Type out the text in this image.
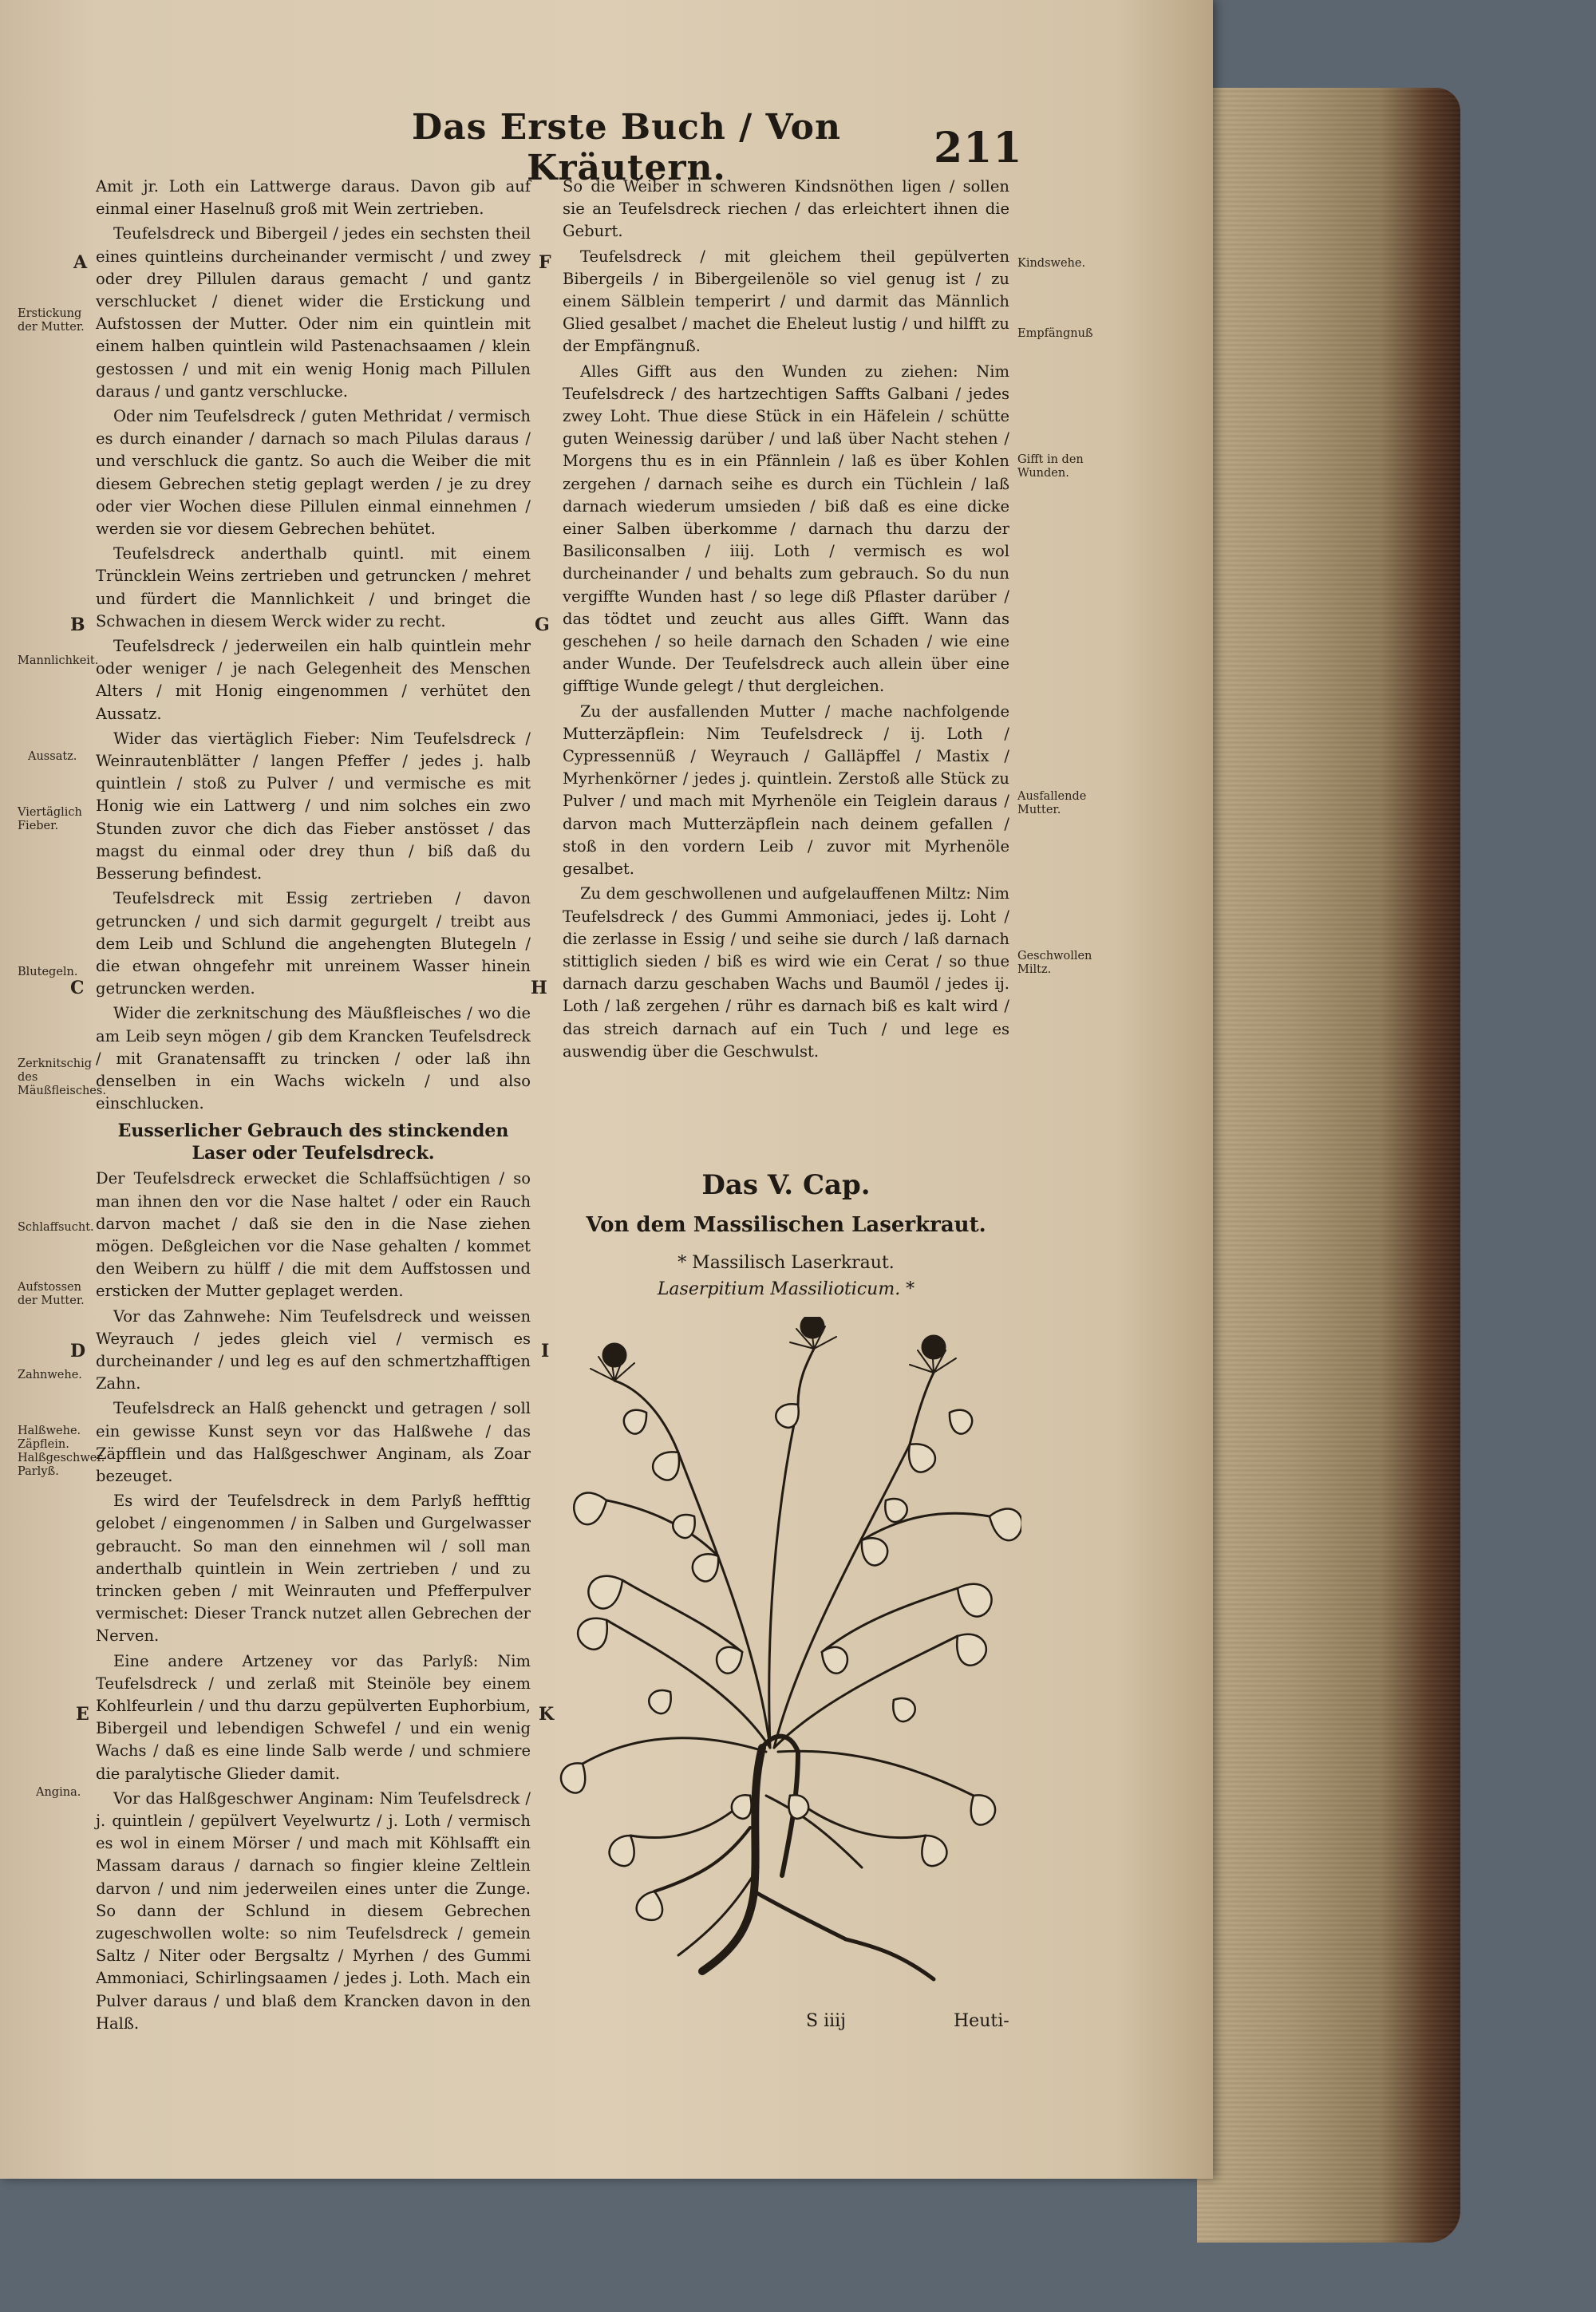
Das Erste Buch / Von Kräutern.	211

Amit jr. Loth ein Lattwerge daraus. Davon gib auf einmal einer Haselnuß groß mit Wein zertrieben.

Teufelsdreck und Bibergeil / jedes ein sechsten theil eines quintleins durcheinander vermischt / und zwey oder drey Pillulen daraus gemacht / und gantz verschlucket / dienet wider die Erstickung und Aufstossen der Mutter. Oder nim ein quintlein mit einem halben quintlein wild Pastenachsaamen / klein gestossen / und mit ein wenig Honig mach Pillulen daraus / und gantz verschlucke.

Oder nim Teufelsdreck / guten Methridat / vermisch es durch einander / darnach so mach Pilulas daraus / und verschluck die gantz. So auch die Weiber die mit diesem Gebrechen stetig geplagt werden / je zu drey oder vier Wochen diese Pillulen einmal einnehmen / werden sie vor diesem Gebrechen behütet.

Teufelsdreck anderthalb quintl. mit einem Trüncklein Weins zertrieben und getruncken / mehret und fürdert die Mannlichkeit / und bringet die Schwachen in diesem Werck wider zu recht.

Teufelsdreck / jederweilen ein halb quintlein mehr oder weniger / je nach Gelegenheit des Menschen Alters / mit Honig eingenommen / verhütet den Aussatz.

Wider das viertäglich Fieber: Nim Teufelsdreck / Weinrautenblätter / langen Pfeffer / jedes j. halb quintlein / stoß zu Pulver / und vermische es mit Honig wie ein Lattwerg / und nim solches ein zwo Stunden zuvor che dich das Fieber anstösset / das magst du einmal oder drey thun / biß daß du Besserung befindest.

Teufelsdreck mit Essig zertrieben / davon getruncken / und sich darmit gegurgelt / treibt aus dem Leib und Schlund die angehengten Blutegeln / die etwan ohngefehr mit unreinem Wasser hinein getruncken werden.

Wider die zerknitschung des Mäußfleisches / wo die am Leib seyn mögen / gib dem Krancken Teufelsdreck / mit Granatensafft zu trincken / oder laß ihn denselben in ein Wachs wickeln / und also einschlucken.

Eusserlicher Gebrauch des stinckenden Laser oder Teufelsdreck.

Der Teufelsdreck erwecket die Schlaffsüchtigen / so man ihnen den vor die Nase haltet / oder ein Rauch darvon machet / daß sie den in die Nase ziehen mögen. Deßgleichen vor die Nase gehalten / kommet den Weibern zu hülff / die mit dem Auffstossen und ersticken der Mutter geplaget werden.

Vor das Zahnwehe: Nim Teufelsdreck und weissen Weyrauch / jedes gleich viel / vermisch es durcheinander / und leg es auf den schmertzhafftigen Zahn.

Teufelsdreck an Halß gehenckt und getragen / soll ein gewisse Kunst seyn vor das Halßwehe / das Zäpfflein und das Halßgeschwer Anginam, als Zoar bezeuget.

Es wird der Teufelsdreck in dem Parlyß heffttig gelobet / eingenommen / in Salben und Gurgelwasser gebraucht. So man den einnehmen wil / soll man anderthalb quintlein in Wein zertrieben / und zu trincken geben / mit Weinrauten und Pfefferpulver vermischet: Dieser Tranck nutzet allen Gebrechen der Nerven.

Eine andere Artzeney vor das Parlyß: Nim Teufelsdreck / und zerlaß mit Steinöle bey einem Kohlfeurlein / und thu darzu gepülverten Euphorbium, Bibergeil und lebendigen Schwefel / und ein wenig Wachs / daß es eine linde Salb werde / und schmiere die paralytische Glieder damit.

Vor das Halßgeschwer Anginam: Nim Teufelsdreck / j. quintlein / gepülvert Veyelwurtz / j. Loth / vermisch es wol in einem Mörser / und mach mit Köhlsafft ein Massam daraus / darnach so fingier kleine Zeltlein darvon / und nim jederweilen eines unter die Zunge. So dann der Schlund in diesem Gebrechen zugeschwollen wolte: so nim Teufelsdreck / gemein Saltz / Niter oder Bergsaltz / Myrhen / des Gummi Ammoniaci, Schirlingsaamen / jedes j. Loth. Mach ein Pulver daraus / und blaß dem Krancken davon in den Halß.

So die Weiber in schweren Kindsnöthen ligen / sollen sie an Teufelsdreck riechen / das erleichtert ihnen die Geburt.

Teufelsdreck / mit gleichem theil gepülverten Bibergeils / in Bibergeilenöle so viel genug ist / zu einem Sälblein temperirt / und darmit das Männlich Glied gesalbet / machet die Eheleut lustig / und hilfft zu der Empfängnuß.

Alles Gifft aus den Wunden zu ziehen: Nim Teufelsdreck / des hartzechtigen Saffts Galbani / jedes zwey Loht. Thue diese Stück in ein Häfelein / schütte guten Weinessig darüber / und laß über Nacht stehen / Morgens thu es in ein Pfännlein / laß es über Kohlen zergehen / darnach seihe es durch ein Tüchlein / laß darnach wiederum umsieden / biß daß es eine dicke einer Salben überkomme / darnach thu darzu der Basiliconsalben / iiij. Loth / vermisch es wol durcheinander / und behalts zum gebrauch. So du nun vergiffte Wunden hast / so lege diß Pflaster darüber / das tödtet und zeucht aus alles Gifft. Wann das geschehen / so heile darnach den Schaden / wie eine ander Wunde. Der Teufelsdreck auch allein über eine gifftige Wunde gelegt / thut dergleichen.

Zu der ausfallenden Mutter / mache nachfolgende Mutterzäpflein: Nim Teufelsdreck / ij. Loth / Cypressennüß / Weyrauch / Galläpffel / Mastix / Myrhenkörner / jedes j. quintlein. Zerstoß alle Stück zu Pulver / und mach mit Myrhenöle ein Teiglein daraus / darvon mach Mutterzäpflein nach deinem gefallen / stoß in den vordern Leib / zuvor mit Myrhenöle gesalbet.

Zu dem geschwollenen und aufgelauffenen Miltz: Nim Teufelsdreck / des Gummi Ammoniaci, jedes ij. Loht / die zerlasse in Essig / und seihe sie durch / laß darnach stittiglich sieden / biß es wird wie ein Cerat / so thue darnach darzu geschaben Wachs und Baumöl / jedes ij. Loth / laß zergehen / rühr es darnach biß es kalt wird / das streich darnach auf ein Tuch / und lege es auswendig über die Geschwulst.

Das V. Cap.
Von dem Massilischen Laserkraut.
* Massilisch Laserkraut.
Laserpitium Massilioticum. *
Erstickung der Mutter.
Mannlichkeit.
Aussatz.
Viertäglich Fieber.
Blutegeln.
Zerknitschig des Mäußfleisches.
Schlaffsucht.
Aufstossen der Mutter.
Zahnwehe.
Halßwehe. Zäpflein. Halßgeschwer. Parlyß.
Angina.
Kindswehe.
Empfängnuß
Gifft in den Wunden.
Ausfallende Mutter.
Geschwollen Miltz.
A
B
C
D
E
F
G
H
I
K
S iiij	Heuti-
